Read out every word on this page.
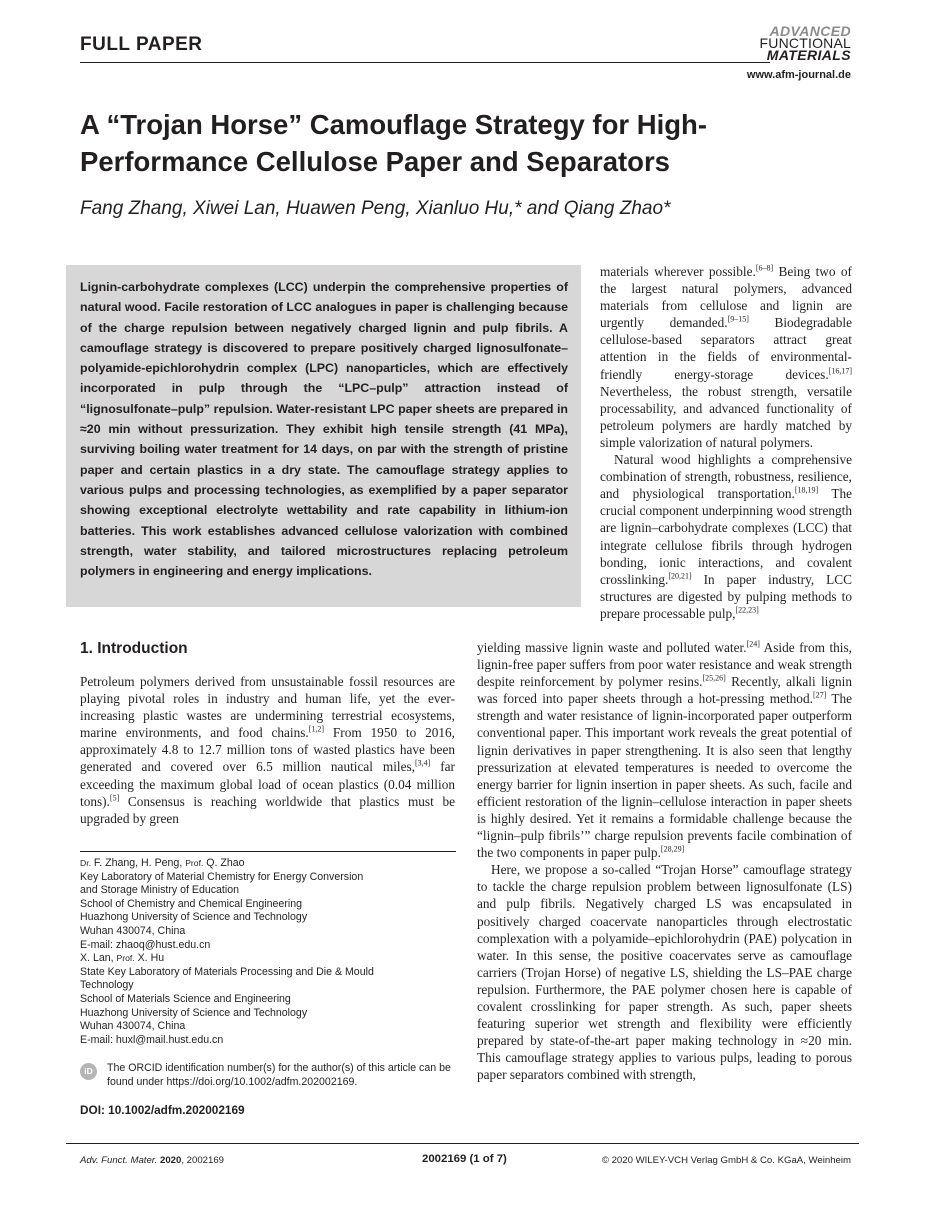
FULL PAPER
ADVANCED
FUNCTIONAL
MATERIALS
www.afm-journal.de
A “Trojan Horse” Camouflage Strategy for High-Performance Cellulose Paper and Separators
Fang Zhang, Xiwei Lan, Huawen Peng, Xianluo Hu,* and Qiang Zhao*

Lignin-carbohydrate complexes (LCC) underpin the comprehensive properties of natural wood. Facile restoration of LCC analogues in paper is challenging because of the charge repulsion between negatively charged lignin and pulp fibrils. A camouflage strategy is discovered to prepare positively charged lignosulfonate–polyamide-epichlorohydrin complex (LPC) nanoparticles, which are effectively incorporated in pulp through the “LPC–pulp” attraction instead of “lignosulfonate–pulp” repulsion. Water-resistant LPC paper sheets are prepared in ≈20 min without pressurization. They exhibit high tensile strength (41 MPa), surviving boiling water treatment for 14 days, on par with the strength of pristine paper and certain plastics in a dry state. The camouflage strategy applies to various pulps and processing technologies, as exemplified by a paper separator showing exceptional electrolyte wettability and rate capability in lithium-ion batteries. This work establishes advanced cellulose valorization with combined strength, water stability, and tailored microstructures replacing petroleum polymers in engineering and energy implications.

materials wherever possible.[6–8] Being two of the largest natural polymers, advanced materials from cellulose and lignin are urgently demanded.[9–15] Biodegradable cellulose-based separators attract great attention in the fields of environmental-friendly energy-storage devices.[16,17] Nevertheless, the robust strength, versatile processability, and advanced functionality of petroleum polymers are hardly matched by simple valorization of natural polymers.

Natural wood highlights a comprehensive combination of strength, robustness, resilience, and physiological transportation.[18,19] The crucial component underpinning wood strength are lignin–carbohydrate complexes (LCC) that integrate cellulose fibrils through hydrogen bonding, ionic interactions, and covalent crosslinking.[20,21] In paper industry, LCC structures are digested by pulping methods to prepare processable pulp,[22,23]

yielding massive lignin waste and polluted water.[24] Aside from this, lignin-free paper suffers from poor water resistance and weak strength despite reinforcement by polymer resins.[25,26] Recently, alkali lignin was forced into paper sheets through a hot-pressing method.[27] The strength and water resistance of lignin-incorporated paper outperform conventional paper. This important work reveals the great potential of lignin derivatives in paper strengthening. It is also seen that lengthy pressurization at elevated temperatures is needed to overcome the energy barrier for lignin insertion in paper sheets. As such, facile and efficient restoration of the lignin–cellulose interaction in paper sheets is highly desired. Yet it remains a formidable challenge because the “lignin–pulp fibrils’” charge repulsion prevents facile combination of the two components in paper pulp.[28,29]

Here, we propose a so-called “Trojan Horse” camouflage strategy to tackle the charge repulsion problem between lignosulfonate (LS) and pulp fibrils. Negatively charged LS was encapsulated in positively charged coacervate nanoparticles through electrostatic complexation with a polyamide–epichlorohydrin (PAE) polycation in water. In this sense, the positive coacervates serve as camouflage carriers (Trojan Horse) of negative LS, shielding the LS–PAE charge repulsion. Furthermore, the PAE polymer chosen here is capable of covalent crosslinking for paper strength. As such, paper sheets featuring superior wet strength and flexibility were efficiently prepared by state-of-the-art paper making technology in ≈20 min. This camouflage strategy applies to various pulps, leading to porous paper separators combined with strength,

1. Introduction

Petroleum polymers derived from unsustainable fossil resources are playing pivotal roles in industry and human life, yet the ever-increasing plastic wastes are undermining terrestrial ecosystems, marine environments, and food chains.[1,2] From 1950 to 2016, approximately 4.8 to 12.7 million tons of wasted plastics have been generated and covered over 6.5 million nautical miles,[3,4] far exceeding the maximum global load of ocean plastics (0.04 million tons).[5] Consensus is reaching worldwide that plastics must be upgraded by green

Dr. F. Zhang, H. Peng, Prof. Q. Zhao
Key Laboratory of Material Chemistry for Energy Conversion
and Storage Ministry of Education
School of Chemistry and Chemical Engineering
Huazhong University of Science and Technology
Wuhan 430074, China
E-mail: zhaoq@hust.edu.cn
X. Lan, Prof. X. Hu
State Key Laboratory of Materials Processing and Die & Mould
Technology
School of Materials Science and Engineering
Huazhong University of Science and Technology
Wuhan 430074, China
E-mail: huxl@mail.hust.edu.cn
iD	The ORCID identification number(s) for the author(s) of this article can be found under https://doi.org/10.1002/adfm.202002169.
DOI: 10.1002/adfm.202002169
Adv. Funct. Mater. 2020, 2002169	2002169 (1 of 7)	© 2020 WILEY-VCH Verlag GmbH & Co. KGaA, Weinheim
